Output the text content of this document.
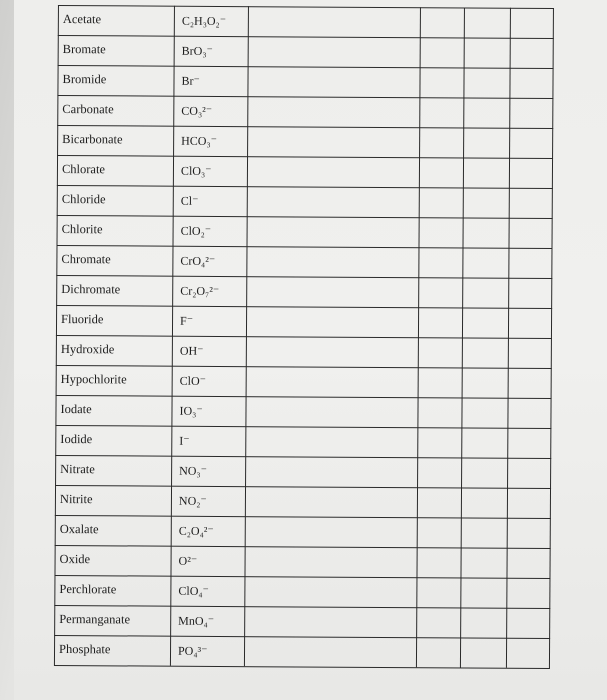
Acetate	C₂H₃O₂⁻
Bromate	BrO₃⁻
Bromide	Br⁻
Carbonate	CO₃²⁻
Bicarbonate	HCO₃⁻
Chlorate	ClO₃⁻
Chloride	Cl⁻
Chlorite	ClO₂⁻
Chromate	CrO₄²⁻
Dichromate	Cr₂O₇²⁻
Fluoride	F⁻
Hydroxide	OH⁻
Hypochlorite	ClO⁻
Iodate	IO₃⁻
Iodide	I⁻
Nitrate	NO₃⁻
Nitrite	NO₂⁻
Oxalate	C₂O₄²⁻
Oxide	O²⁻
Perchlorate	ClO₄⁻
Permanganate	MnO₄⁻
Phosphate	PO₄³⁻
